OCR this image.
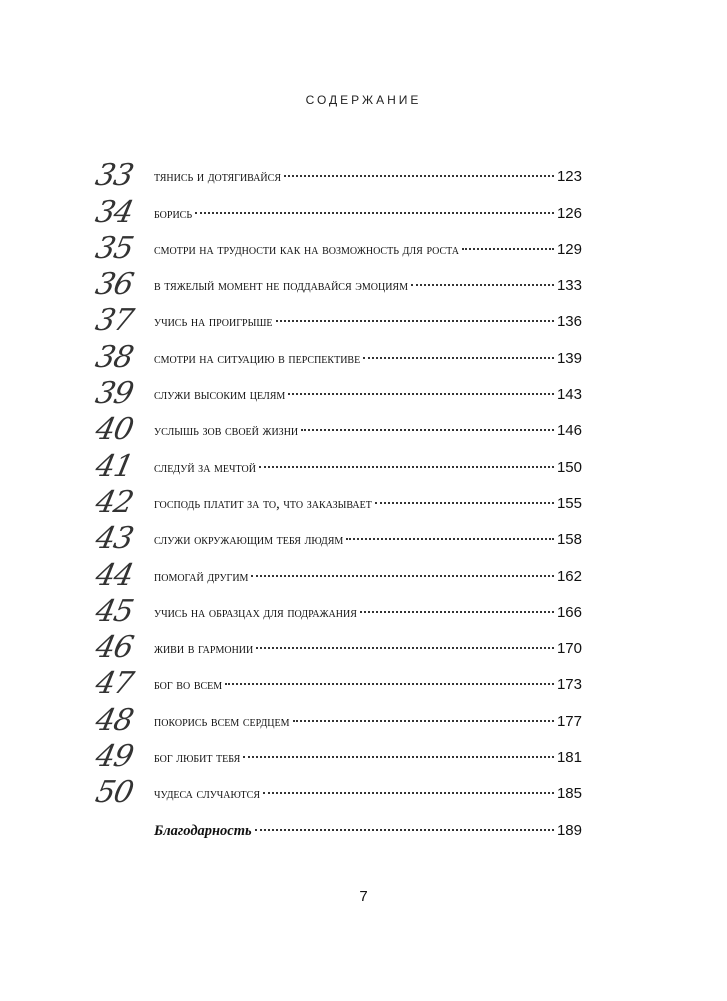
СОДЕРЖАНИЕ
33	тянись и дотягивайся	123
34	борись	126
35	смотри на трудности как на возможность для роста	129
36	в тяжелый момент не поддавайся эмоциям	133
37	учись на проигрыше	136
38	смотри на ситуацию в перспективе	139
39	служи высоким целям	143
40	услышь зов своей жизни	146
41	следуй за мечтой	150
42	господь платит за то, что заказывает	155
43	служи окружающим тебя людям	158
44	помогай другим	162
45	учись на образцах для подражания	166
46	живи в гармонии	170
47	бог во всем	173
48	покорись всем сердцем	177
49	бог любит тебя	181
50	чудеса случаются	185
Благодарность	189
7
